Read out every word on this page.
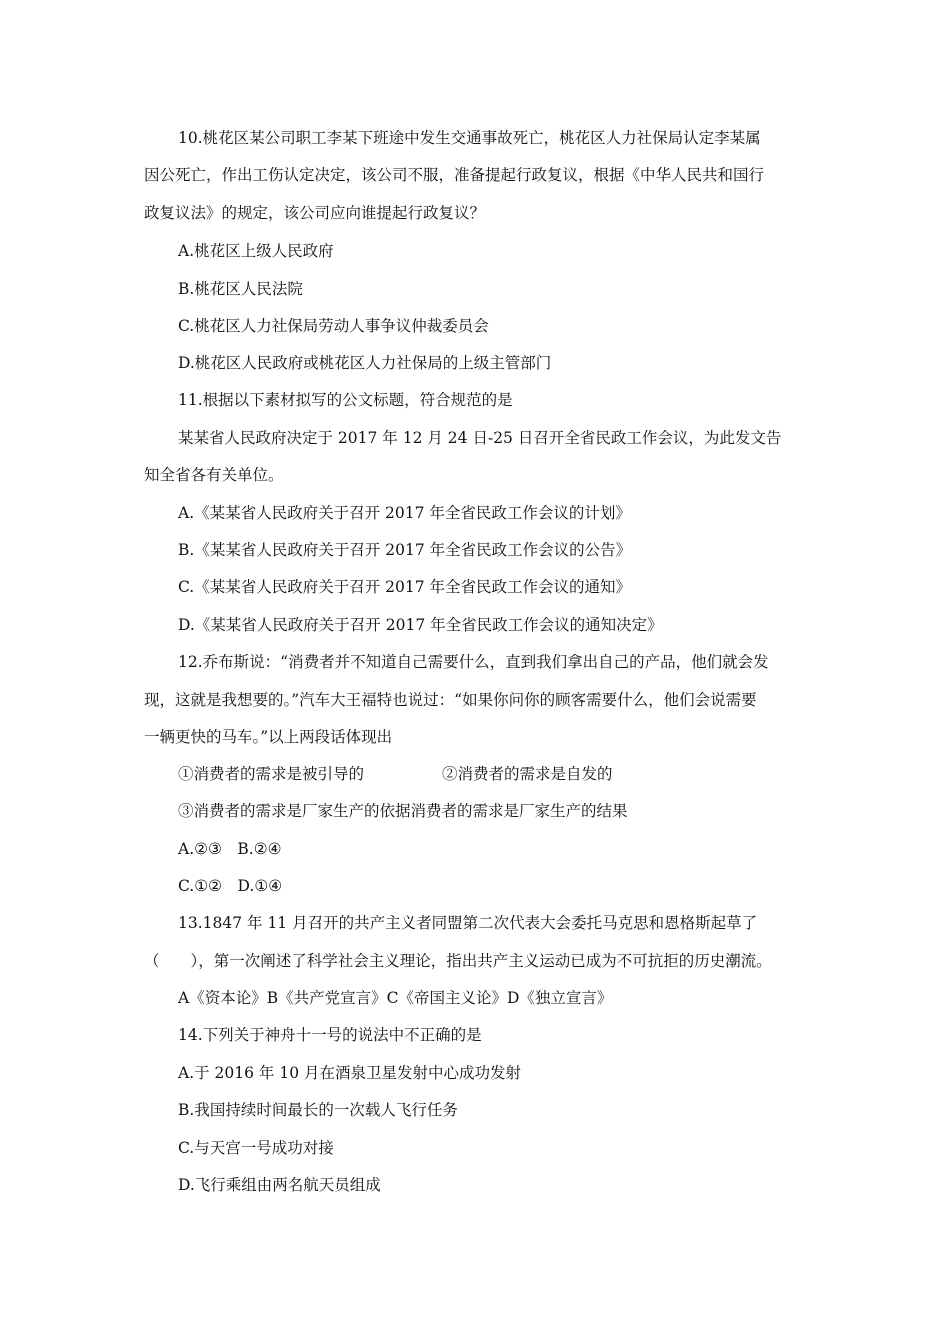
10.桃花区某公司职工李某下班途中发生交通事故死亡，桃花区人力社保局认定李某属
因公死亡，作出工伤认定决定，该公司不服，准备提起行政复议，根据《中华人民共和国行
政复议法》的规定，该公司应向谁提起行政复议？
A.桃花区上级人民政府
B.桃花区人民法院
C.桃花区人力社保局劳动人事争议仲裁委员会
D.桃花区人民政府或桃花区人力社保局的上级主管部门
11.根据以下素材拟写的公文标题，符合规范的是
某某省人民政府决定于 2017 年 12 月 24 日-25 日召开全省民政工作会议，为此发文告
知全省各有关单位。
A.《某某省人民政府关于召开 2017 年全省民政工作会议的计划》
B.《某某省人民政府关于召开 2017 年全省民政工作会议的公告》
C.《某某省人民政府关于召开 2017 年全省民政工作会议的通知》
D.《某某省人民政府关于召开 2017 年全省民政工作会议的通知决定》
12.乔布斯说：“消费者并不知道自己需要什么，直到我们拿出自己的产品，他们就会发
现，这就是我想要的。”汽车大王福特也说过：“如果你问你的顾客需要什么，他们会说需要
一辆更快的马车。”以上两段话体现出
①消费者的需求是被引导的	②消费者的需求是自发的
③消费者的需求是厂家生产的依据消费者的需求是厂家生产的结果
A.②③　B.②④
C.①②　D.①④
13.1847 年 11 月召开的共产主义者同盟第二次代表大会委托马克思和恩格斯起草了
（　　），第一次阐述了科学社会主义理论，指出共产主义运动已成为不可抗拒的历史潮流。
A《资本论》B《共产党宣言》C《帝国主义论》D《独立宣言》
14.下列关于神舟十一号的说法中不正确的是
A.于 2016 年 10 月在酒泉卫星发射中心成功发射
B.我国持续时间最长的一次载人飞行任务
C.与天宫一号成功对接
D.飞行乘组由两名航天员组成
